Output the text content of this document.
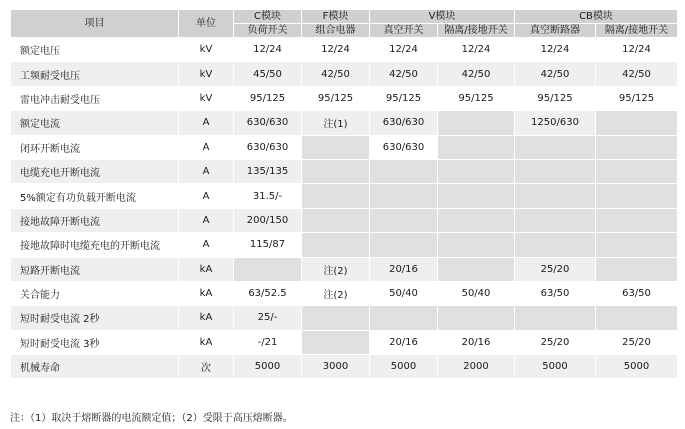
项目	单位	C模块	F模块	V模块		CB模块	
		负荷开关	组合电器	真空开关	隔离/接地开关	真空断路器	隔离/接地开关
额定电压	kV	12/24	12/24	12/24	12/24	12/24	12/24
工频耐受电压	kV	45/50	42/50	42/50	42/50	42/50	42/50
雷电冲击耐受电压	kV	95/125	95/125	95/125	95/125	95/125	95/125
额定电流	A	630/630	注(1)	630/630		1250/630	
闭环开断电流	A	630/630		630/630			
电缆充电开断电流	A	135/135					
5%额定有功负载开断电流	A	31.5/-					
接地故障开断电流	A	200/150					
接地故障时电缆充电的开断电流	A	115/87					
短路开断电流	kA		注(2)	20/16		25/20	
关合能力	kA	63/52.5	注(2)	50/40	50/40	63/50	63/50
短时耐受电流 2秒	kA	25/-					
短时耐受电流 3秒	kA	-/21		20/16	20/16	25/20	25/20
机械寿命	次	5000	3000	5000	2000	5000	5000
注：（1）取决于熔断器的电流额定值；（2）受限于高压熔断器。
